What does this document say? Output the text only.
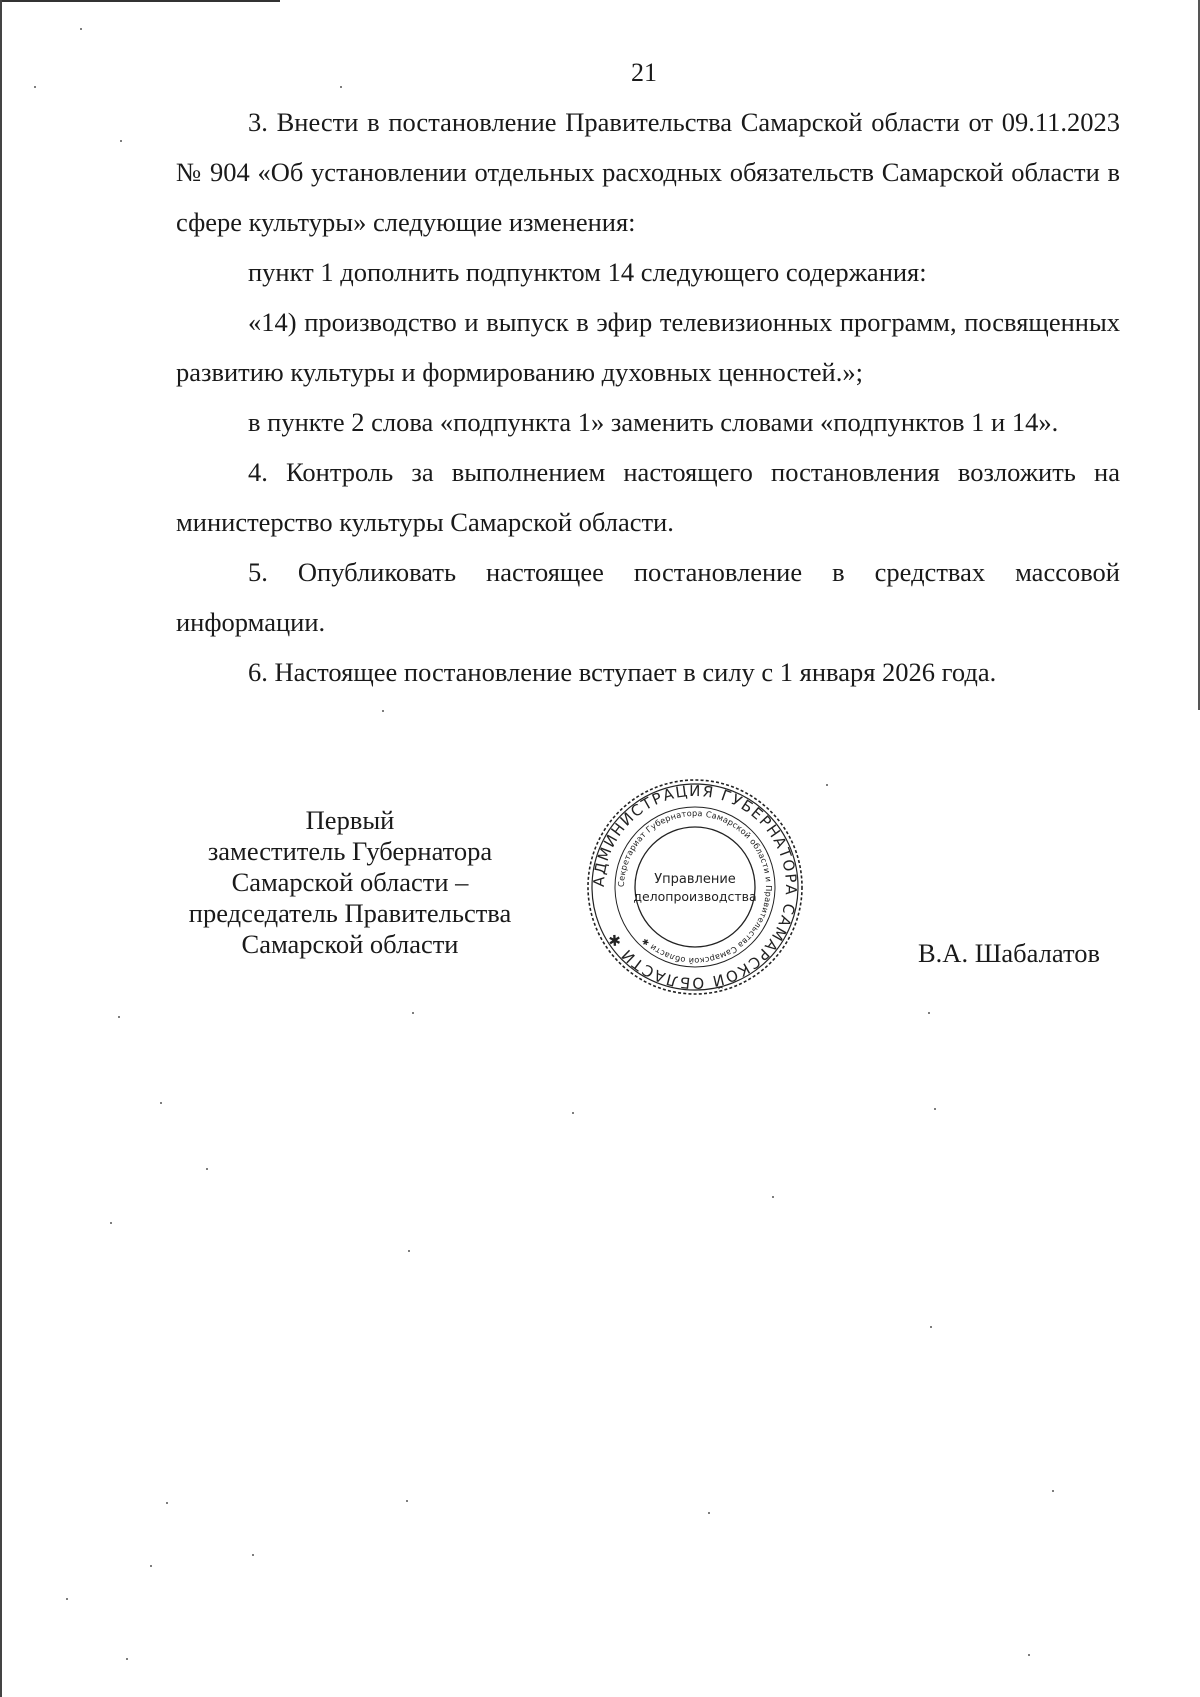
21

3. Внести в постановление Правительства Самарской области от 09.11.2023 № 904 «Об установлении отдельных расходных обязательств Самарской области в сфере культуры» следующие изменения:

пункт 1 дополнить подпунктом 14 следующего содержания:

«14) производство и выпуск в эфир телевизионных программ, посвященных развитию культуры и формированию духовных ценностей.»;

в пункте 2 слова «подпункта 1» заменить словами «подпунктов 1 и 14».

4. Контроль за выполнением настоящего постановления возложить на министерство культуры Самарской области.

5. Опубликовать настоящее постановление в средствах массовой информации.

6. Настоящее постановление вступает в силу с 1 января 2026 года.

Первый
заместитель Губернатора
Самарской области –
председатель Правительства
Самарской области
АДМИНИСТРАЦИЯ ГУБЕРНАТОРА САМАРСКОЙ ОБЛАСТИ ✱
Секретариат Губернатора Самарской области и Правительства Самарской области ✱
Управление
делопроизводства
В.А. Шабалатов
